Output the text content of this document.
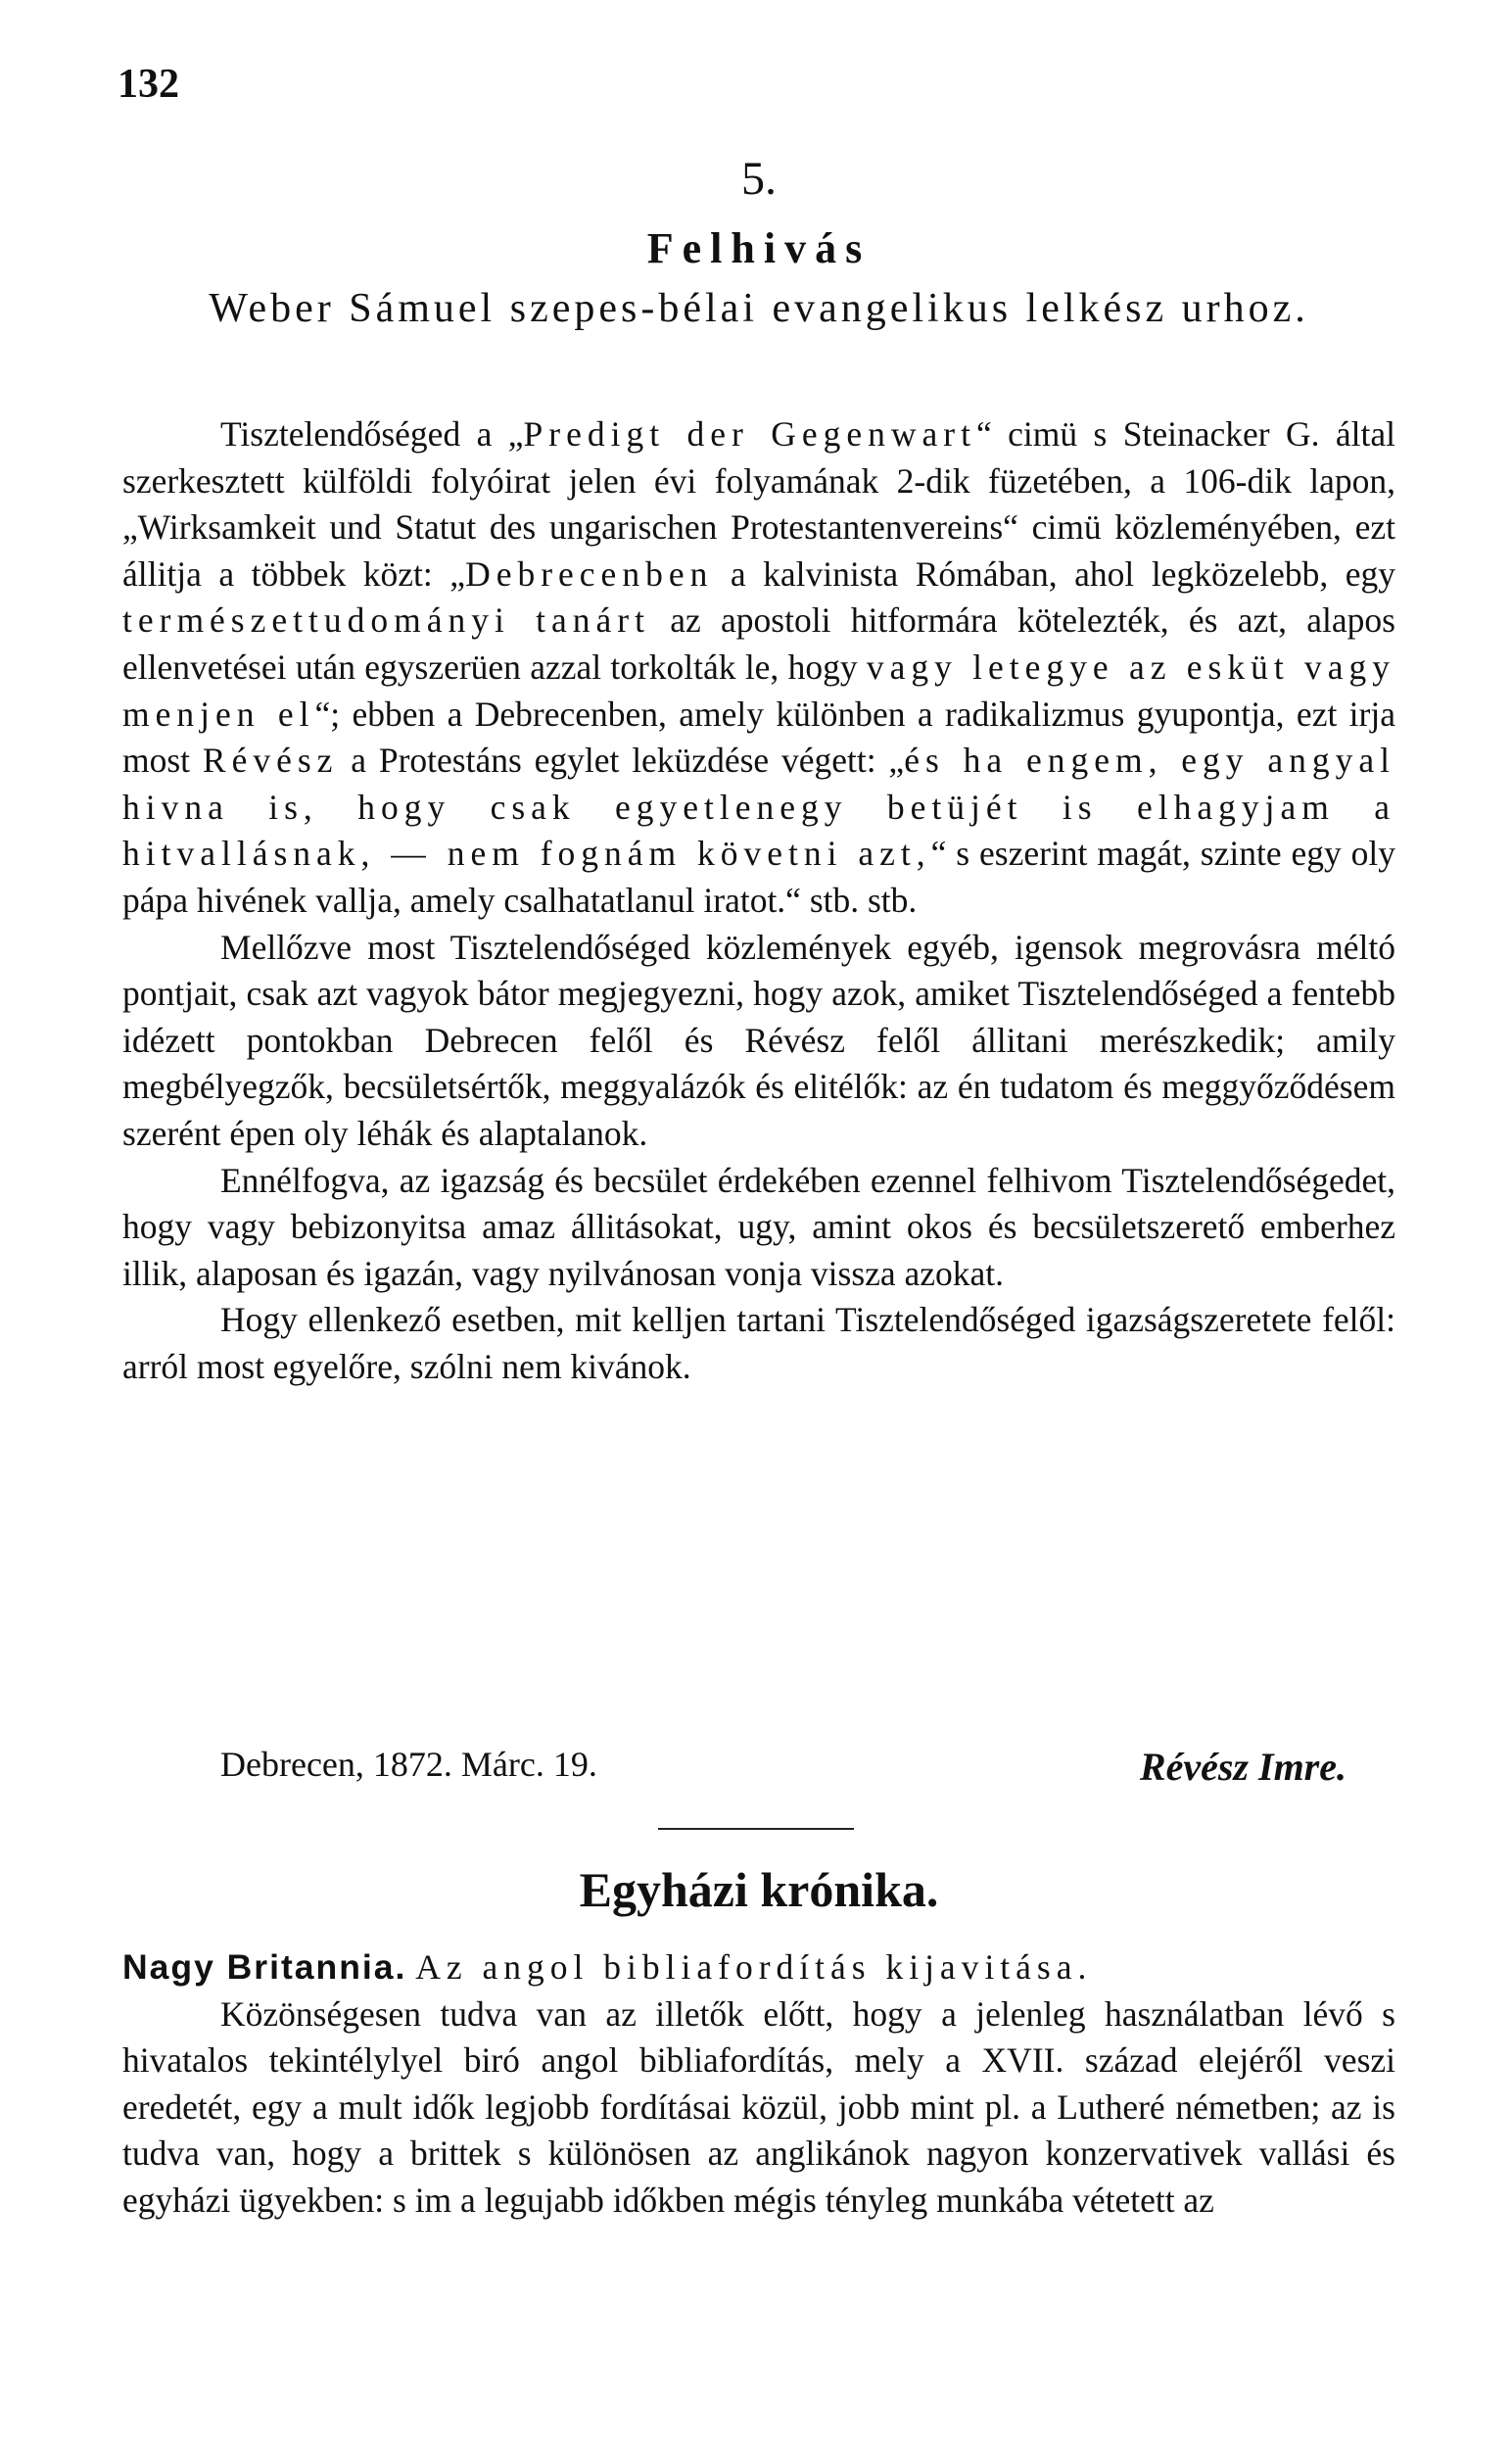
132
5.
Felhivás
Weber Sámuel szepes-bélai evangelikus lelkész urhoz.

Tisztelendőséged a „Predigt der Gegenwart“ cimü s Steinacker G. által szerkesztett külföldi folyóirat jelen évi folyamának 2-dik füzetében, a 106-dik lapon, „Wirksamkeit und Statut des ungarischen Protestantenvereins“ cimü közleményében, ezt állitja a többek közt: „Debrecenben a kalvinista Rómában, ahol legközelebb, egy természettudományi tanárt az apostoli hitformára kötelezték, és azt, alapos ellenvetései után egyszerüen azzal torkolták le, hogy vagy letegye az esküt vagy menjen el“; ebben a Debrecenben, amely különben a radikalizmus gyupontja, ezt irja most Révész a Protestáns egylet leküzdése végett: „és ha engem, egy angyal hivna is, hogy csak egyetlenegy betüjét is elhagyjam a hitvallásnak, — nem fognám követni azt,“ s eszerint magát, szinte egy oly pápa hivének vallja, amely csalhatatlanul iratot.“ stb. stb.

Mellőzve most Tisztelendőséged közlemények egyéb, igensok megrovásra méltó pontjait, csak azt vagyok bátor megjegyezni, hogy azok, amiket Tisztelendőséged a fentebb idézett pontokban Debrecen felől és Révész felől állitani merészkedik; amily megbélyegzők, becsületsértők, meggyalázók és elitélők: az én tudatom és meggyőződésem szerént épen oly léhák és alaptalanok.

Ennélfogva, az igazság és becsület érdekében ezennel felhivom Tisztelendőségedet, hogy vagy bebizonyitsa amaz állitásokat, ugy, amint okos és becsületszerető emberhez illik, alaposan és igazán, vagy nyilvánosan vonja vissza azokat.

Hogy ellenkező esetben, mit kelljen tartani Tisztelendőséged igazságszeretete felől: arról most egyelőre, szólni nem kivánok.

Debrecen, 1872. Márc. 19.	Révész Imre.
Egyházi krónika.

Nagy Britannia. Az angol bibliafordítás kijavitása.

Közönségesen tudva van az illetők előtt, hogy a jelenleg használatban lévő s hivatalos tekintélylyel biró angol bibliafordítás, mely a XVII. század elejéről veszi eredetét, egy a mult idők legjobb fordításai közül, jobb mint pl. a Lutheré németben; az is tudva van, hogy a brittek s különösen az anglikánok nagyon konzervativek vallási és egyházi ügyekben: s im a legujabb időkben mégis tényleg munkába vétetett az
